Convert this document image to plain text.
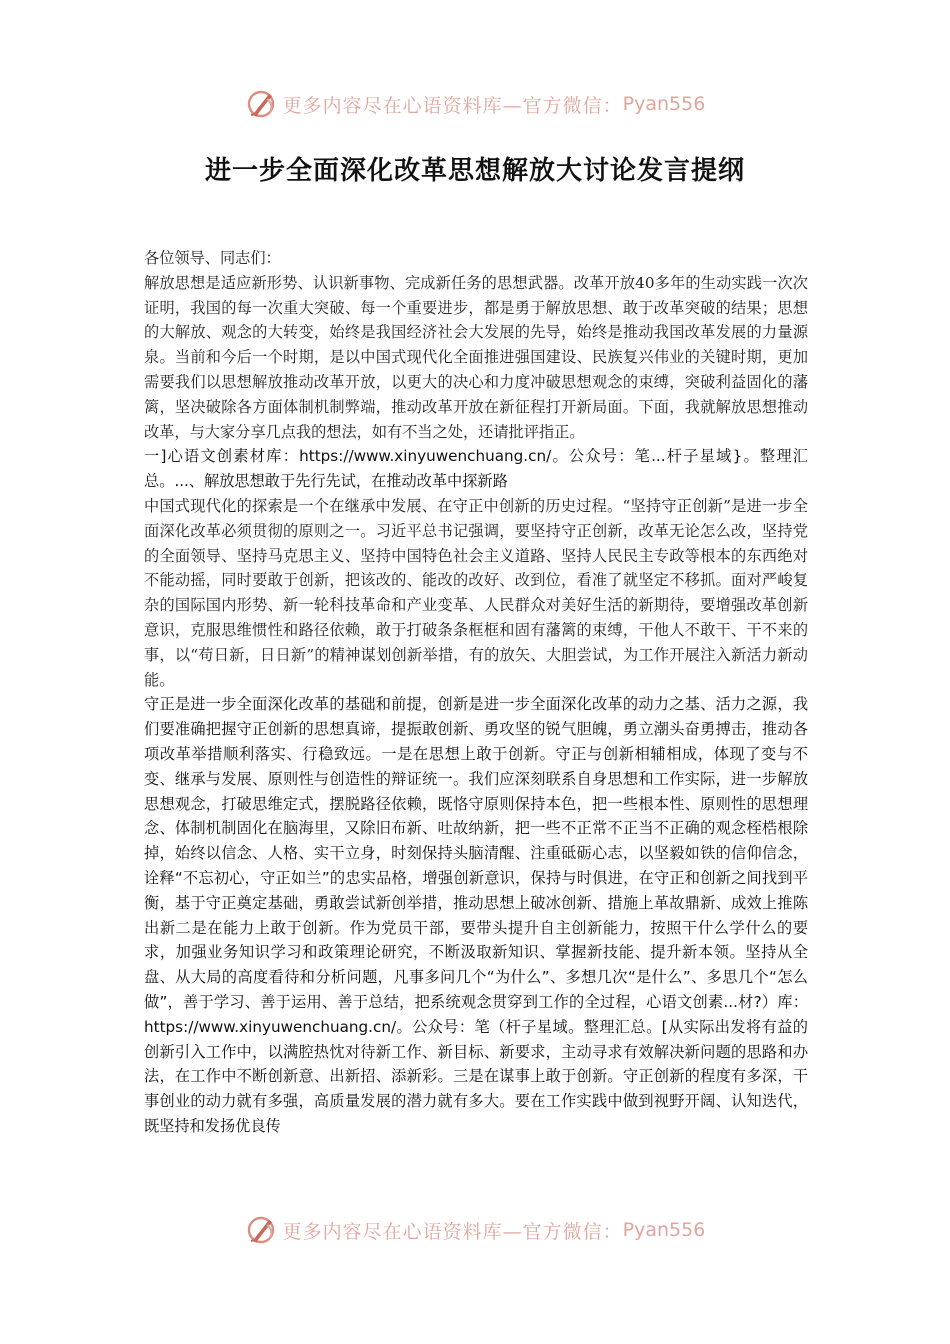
更多内容尽在心语资料库—官方微信： Pyan556
进一步全面深化改革思想解放大讨论发言提纲

各位领导、同志们：

解放思想是适应新形势、认识新事物、完成新任务的思想武器。改革开放40多年的生动实践一次次证明，我国的每一次重大突破、每一个重要进步，都是勇于解放思想、敢于改革突破的结果；思想的大解放、观念的大转变，始终是我国经济社会大发展的先导，始终是推动我国改革发展的力量源泉。当前和今后一个时期，是以中国式现代化全面推进强国建设、民族复兴伟业的关键时期，更加需要我们以思想解放推动改革开放，以更大的决心和力度冲破思想观念的束缚，突破利益固化的藩篱，坚决破除各方面体制机制弊端，推动改革开放在新征程打开新局面。下面，我就解放思想推动改革，与大家分享几点我的想法，如有不当之处，还请批评指正。

一]心语文创素材库：https://www.xinyuwenchuang.cn/。公众号：笔...杆子星域}。整理汇总。...、解放思想敢于先行先试，在推动改革中探新路

中国式现代化的探索是一个在继承中发展、在守正中创新的历史过程。“坚持守正创新”是进一步全面深化改革必须贯彻的原则之一。习近平总书记强调，要坚持守正创新，改革无论怎么改，坚持党的全面领导、坚持马克思主义、坚持中国特色社会主义道路、坚持人民民主专政等根本的东西绝对不能动摇，同时要敢于创新，把该改的、能改的改好、改到位，看准了就坚定不移抓。面对严峻复杂的国际国内形势、新一轮科技革命和产业变革、人民群众对美好生活的新期待，要增强改革创新意识，克服思维惯性和路径依赖，敢于打破条条框框和固有藩篱的束缚，干他人不敢干、干不来的事，以“苟日新，日日新”的精神谋划创新举措，有的放矢、大胆尝试，为工作开展注入新活力新动能。

守正是进一步全面深化改革的基础和前提，创新是进一步全面深化改革的动力之基、活力之源，我们要准确把握守正创新的思想真谛，提振敢创新、勇攻坚的锐气胆魄，勇立潮头奋勇搏击，推动各项改革举措顺利落实、行稳致远。一是在思想上敢于创新。守正与创新相辅相成，体现了变与不变、继承与发展、原则性与创造性的辩证统一。我们应深刻联系自身思想和工作实际，进一步解放思想观念，打破思维定式，摆脱路径依赖，既恪守原则保持本色，把一些根本性、原则性的思想理念、体制机制固化在脑海里，又除旧布新、吐故纳新，把一些不正常不正当不正确的观念桎梏根除掉，始终以信念、人格、实干立身，时刻保持头脑清醒、注重砥砺心志，以坚毅如铁的信仰信念，诠释“不忘初心，守正如兰”的忠实品格，增强创新意识，保持与时俱进，在守正和创新之间找到平衡，基于守正奠定基础，勇敢尝试新创举措，推动思想上破冰创新、措施上革故鼎新、成效上推陈出新二是在能力上敢于创新。作为党员干部，要带头提升自主创新能力，按照干什么学什么的要求，加强业务知识学习和政策理论研究，不断汲取新知识、掌握新技能、提升新本领。坚持从全盘、从大局的高度看待和分析问题，凡事多问几个“为什么”、多想几次“是什么”、多思几个“怎么做”，善于学习、善于运用、善于总结，把系统观念贯穿到工作的全过程，心语文创素...材?）库：https://www.xinyuwenchuang.cn/。公众号：笔（杆子星域。整理汇总。[从实际出发将有益的创新引入工作中，以满腔热忱对待新工作、新目标、新要求，主动寻求有效解决新问题的思路和办法，在工作中不断创新意、出新招、添新彩。三是在谋事上敢于创新。守正创新的程度有多深，干事创业的动力就有多强，高质量发展的潜力就有多大。要在工作实践中做到视野开阔、认知迭代，既坚持和发扬优良传

更多内容尽在心语资料库—官方微信： Pyan556
